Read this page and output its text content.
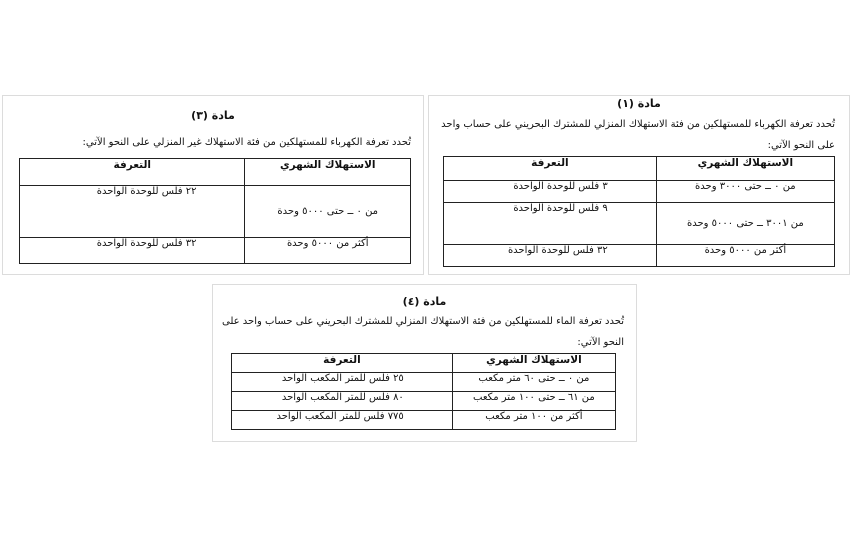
مادة (١)
تُحدد تعرفة الكهرباء للمستهلكين من فئة الاستهلاك المنزلي للمشترك البحريني على حساب واحد على النحو الآتي:
الاستهلاك الشهري	التعرفة
من ٠ ــ حتى ٣٠٠٠ وحدة	٣ فلس للوحدة الواحدة
من ٣٠٠١ ــ حتى ٥٠٠٠ وحدة	٩ فلس للوحدة الواحدة
أكثر من ٥٠٠٠ وحدة	٣٢ فلس للوحدة الواحدة
مادة (٣)
تُحدد تعرفة الكهرباء للمستهلكين من فئة الاستهلاك غير المنزلي على النحو الآتي:
الاستهلاك الشهري	التعرفة
من ٠ ــ حتى ٥٠٠٠ وحدة	٢٢ فلس للوحدة الواحدة
أكثر من ٥٠٠٠ وحدة	٣٢ فلس للوحدة الواحدة
مادة (٤)
تُحدد تعرفة الماء للمستهلكين من فئة الاستهلاك المنزلي للمشترك البحريني على حساب واحد على النحو الآتي:
الاستهلاك الشهري	التعرفة
من ٠ ــ حتى ٦٠ متر مكعب	٢٥ فلس للمتر المكعب الواحد
من ٦١ ــ حتى ١٠٠ متر مكعب	٨٠ فلس للمتر المكعب الواحد
أكثر من ١٠٠ متر مكعب	٧٧٥ فلس للمتر المكعب الواحد
